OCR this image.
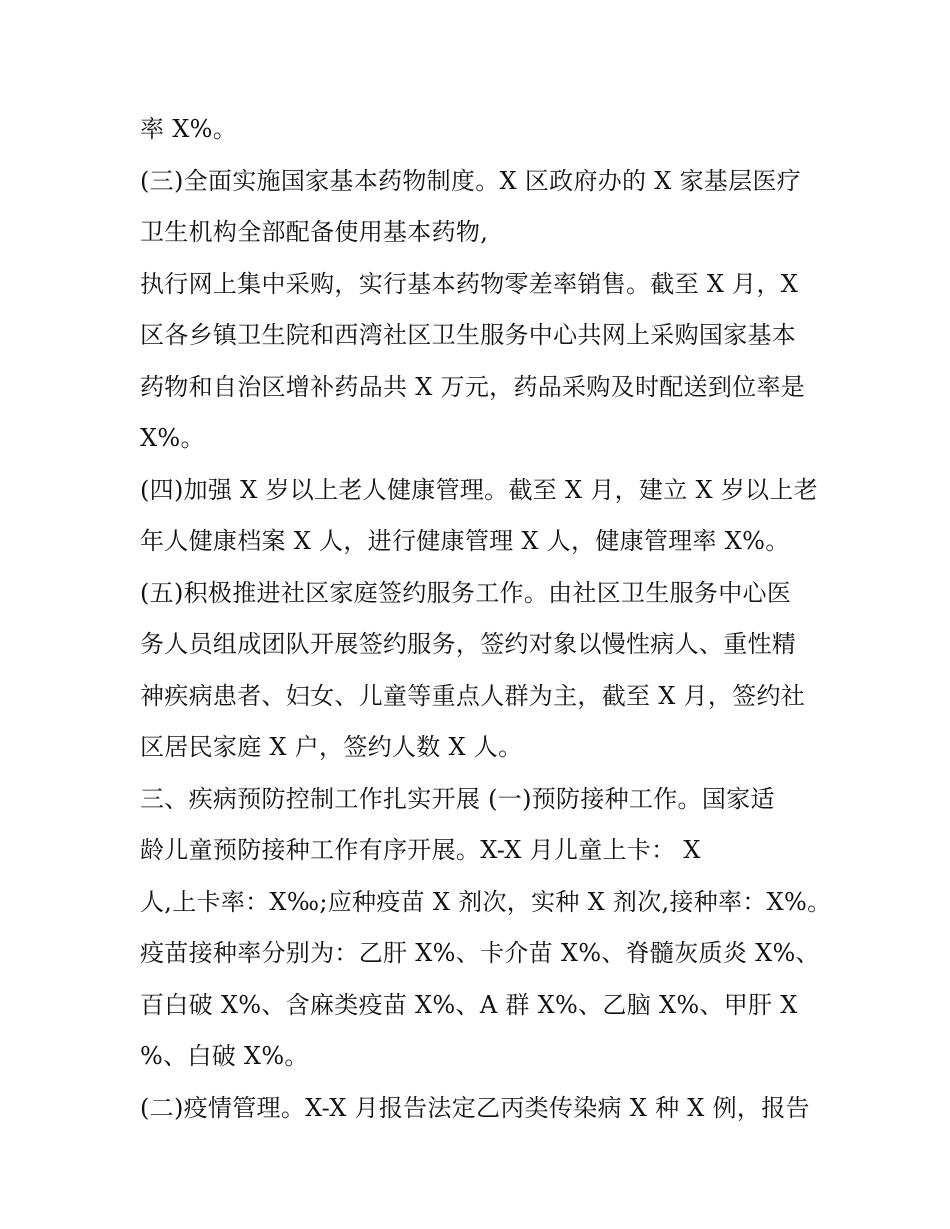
率 X%。
(三)全面实施国家基本药物制度。X 区政府办的 X 家基层医疗
卫生机构全部配备使用基本药物,
执行网上集中采购，实行基本药物零差率销售。截至 X 月，X
区各乡镇卫生院和西湾社区卫生服务中心共网上采购国家基本
药物和自治区增补药品共 X 万元，药品采购及时配送到位率是
X%。
(四)加强 X 岁以上老人健康管理。截至 X 月，建立 X 岁以上老
年人健康档案 X 人，进行健康管理 X 人，健康管理率 X%。
(五)积极推进社区家庭签约服务工作。由社区卫生服务中心医
务人员组成团队开展签约服务，签约对象以慢性病人、重性精
神疾病患者、妇女、儿童等重点人群为主，截至 X 月，签约社
区居民家庭 X 户，签约人数 X 人。
三、疾病预防控制工作扎实开展 (一)预防接种工作。国家适
龄儿童预防接种工作有序开展。X-X 月儿童上卡： X
人,上卡率：X‰;应种疫苗 X 剂次，实种 X 剂次,接种率：X%。
疫苗接种率分别为：乙肝 X%、卡介苗 X%、脊髓灰质炎 X%、
百白破 X%、含麻类疫苗 X%、A 群 X%、乙脑 X%、甲肝 X
%、白破 X%。
(二)疫情管理。X-X 月报告法定乙丙类传染病 X 种 X 例，报告
